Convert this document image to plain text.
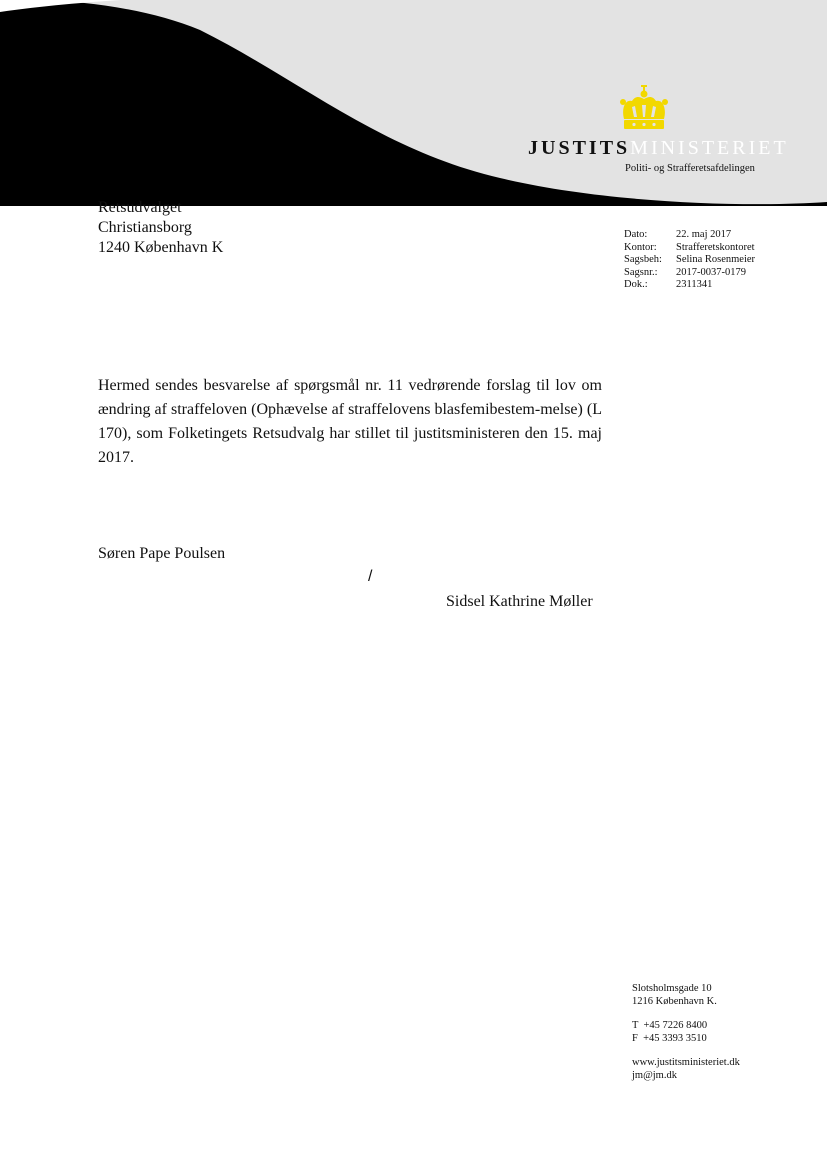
JUSTITSMINISTERIET
Politi- og Strafferetsafdelingen
Retsudvalget
Christiansborg
1240 København K
Dato:	22. maj 2017
Kontor:	Strafferetskontoret
Sagsbeh:	Selina Rosenmeier
Sagsnr.:	2017-0037-0179
Dok.:	2311341
Hermed sendes besvarelse af spørgsmål nr. 11 vedrørende forslag til lov om ændring af straffeloven (Ophævelse af straffelovens blasfemibestem-melse) (L 170), som Folketingets Retsudvalg har stillet til justitsministeren den 15. maj 2017.
Søren Pape Poulsen
/
Sidsel Kathrine Møller
Slotsholmsgade 10
1216 København K.
T  +45 7226 8400
F  +45 3393 3510
www.justitsministeriet.dk
jm@jm.dk
